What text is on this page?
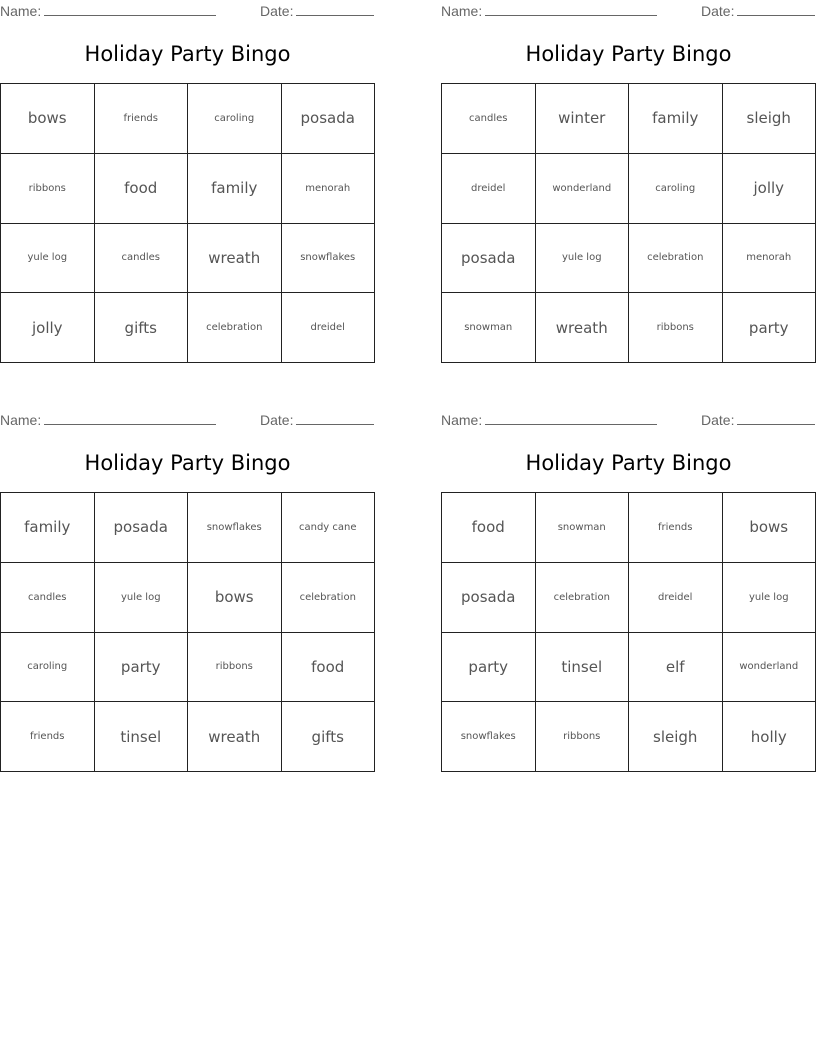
Name:	Date:
Holiday Party Bingo
bows	friends	caroling	posada
ribbons	food	family	menorah
yule log	candles	wreath	snowflakes
jolly	gifts	celebration	dreidel
Name:	Date:
Holiday Party Bingo
candles	winter	family	sleigh
dreidel	wonderland	caroling	jolly
posada	yule log	celebration	menorah
snowman	wreath	ribbons	party
Name:	Date:
Holiday Party Bingo
family	posada	snowflakes	candy cane
candles	yule log	bows	celebration
caroling	party	ribbons	food
friends	tinsel	wreath	gifts
Name:	Date:
Holiday Party Bingo
food	snowman	friends	bows
posada	celebration	dreidel	yule log
party	tinsel	elf	wonderland
snowflakes	ribbons	sleigh	holly
